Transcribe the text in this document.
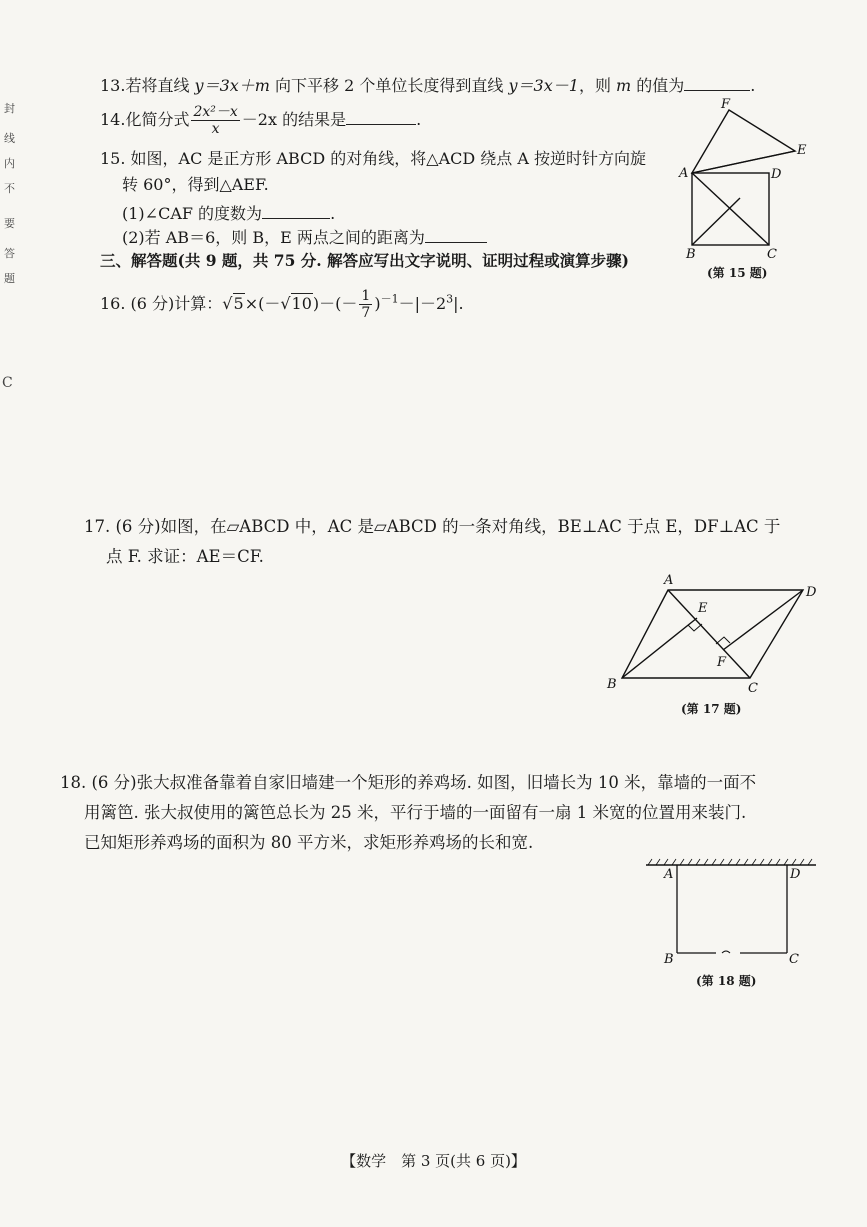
封
线
内
不
要
答
题
C
13.若将直线 y＝3x＋m 向下平移 2 个单位长度得到直线 y＝3x－1，则 m 的值为	.
14.化简分式 $\frac{\text{2x²－x}}{x} -2x$ 的结果是	.
15. 如图，AC 是正方形 ABCD 的对角线，将△ACD 绕点 A 按逆时针方向旋
转 60°，得到△AEF.
(1)∠CAF 的度数为	.
(2)若 AB＝6，则 B，E 两点之间的距离为
F
E
A	D
B	C
(第 15 题)
三、解答题(共 9 题，共 75 分. 解答应写出文字说明、证明过程或演算步骤)
16. (6 分)计算：$√5\times(-√10)-(- \frac{1}{7} )^{-1}-|-2^3|$.
17. (6 分)如图，在▱ABCD 中，AC 是▱ABCD 的一条对角线，BE⊥AC 于点 E，DF⊥AC 于
点 F. 求证：AE＝CF.
A
D
E
F
B	C
(第 17 题)
18. (6 分)张大叔准备靠着自家旧墙建一个矩形的养鸡场. 如图，旧墙长为 10 米，靠墙的一面不
用篱笆. 张大叔使用的篱笆总长为 25 米，平行于墙的一面留有一扇 1 米宽的位置用来装门.
已知矩形养鸡场的面积为 80 平方米，求矩形养鸡场的长和宽.
A	D
B	C
(第 18 题)
【数学　第 3 页(共 6 页)】
